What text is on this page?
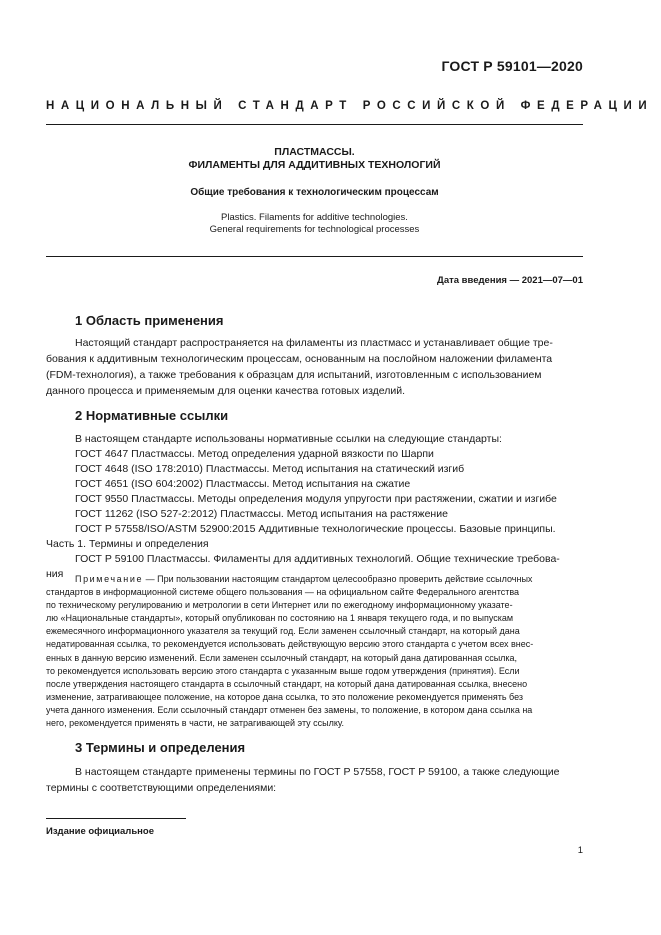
ГОСТ Р 59101—2020
НАЦИОНАЛЬНЫЙ СТАНДАРТ РОССИЙСКОЙ ФЕДЕРАЦИИ
ПЛАСТМАССЫ.
ФИЛАМЕНТЫ ДЛЯ АДДИТИВНЫХ ТЕХНОЛОГИЙ
Общие требования к технологическим процессам
Plastics. Filaments for additive technologies.
General requirements for technological processes
Дата введения — 2021—07—01
1 Область применения
Настоящий стандарт распространяется на филаменты из пластмасс и устанавливает общие тре-
бования к аддитивным технологическим процессам, основанным на послойном наложении филамента
(FDM-технология), а также требования к образцам для испытаний, изготовленным с использованием
данного процесса и применяемым для оценки качества готовых изделий.
2 Нормативные ссылки
В настоящем стандарте использованы нормативные ссылки на следующие стандарты:
ГОСТ 4647 Пластмассы. Метод определения ударной вязкости по Шарпи
ГОСТ 4648 (ISO 178:2010) Пластмассы. Метод испытания на статический изгиб
ГОСТ 4651 (ISO 604:2002) Пластмассы. Метод испытания на сжатие
ГОСТ 9550 Пластмассы. Методы определения модуля упругости при растяжении, сжатии и изгибе
ГОСТ 11262 (ISO 527-2:2012) Пластмассы. Метод испытания на растяжение
ГОСТ Р 57558/ISO/ASTM 52900:2015 Аддитивные технологические процессы. Базовые принципы.
Часть 1. Термины и определения
ГОСТ Р 59100 Пластмассы. Филаменты для аддитивных технологий. Общие технические требова-
ния	Примечание — При пользовании настоящим стандартом целесообразно проверить действие ссылочных
стандартов в информационной системе общего пользования — на официальном сайте Федерального агентства
по техническому регулированию и метрологии в сети Интернет или по ежегодному информационному указате-
лю «Национальные стандарты», который опубликован по состоянию на 1 января текущего года, и по выпускам
ежемесячного информационного указателя за текущий год. Если заменен ссылочный стандарт, на который дана
недатированная ссылка, то рекомендуется использовать действующую версию этого стандарта с учетом всех внес-
енных в данную версию изменений. Если заменен ссылочный стандарт, на который дана датированная ссылка,
то рекомендуется использовать версию этого стандарта с указанным выше годом утверждения (принятия). Если
после утверждения настоящего стандарта в ссылочный стандарт, на который дана датированная ссылка, внесено
изменение, затрагивающее положение, на которое дана ссылка, то это положение рекомендуется применять без
учета данного изменения. Если ссылочный стандарт отменен без замены, то положение, в котором дана ссылка на
него, рекомендуется применять в части, не затрагивающей эту ссылку.
3 Термины и определения
В настоящем стандарте применены термины по ГОСТ Р 57558, ГОСТ Р 59100, а также следующие
термины с соответствующими определениями:
Издание официальное
1
